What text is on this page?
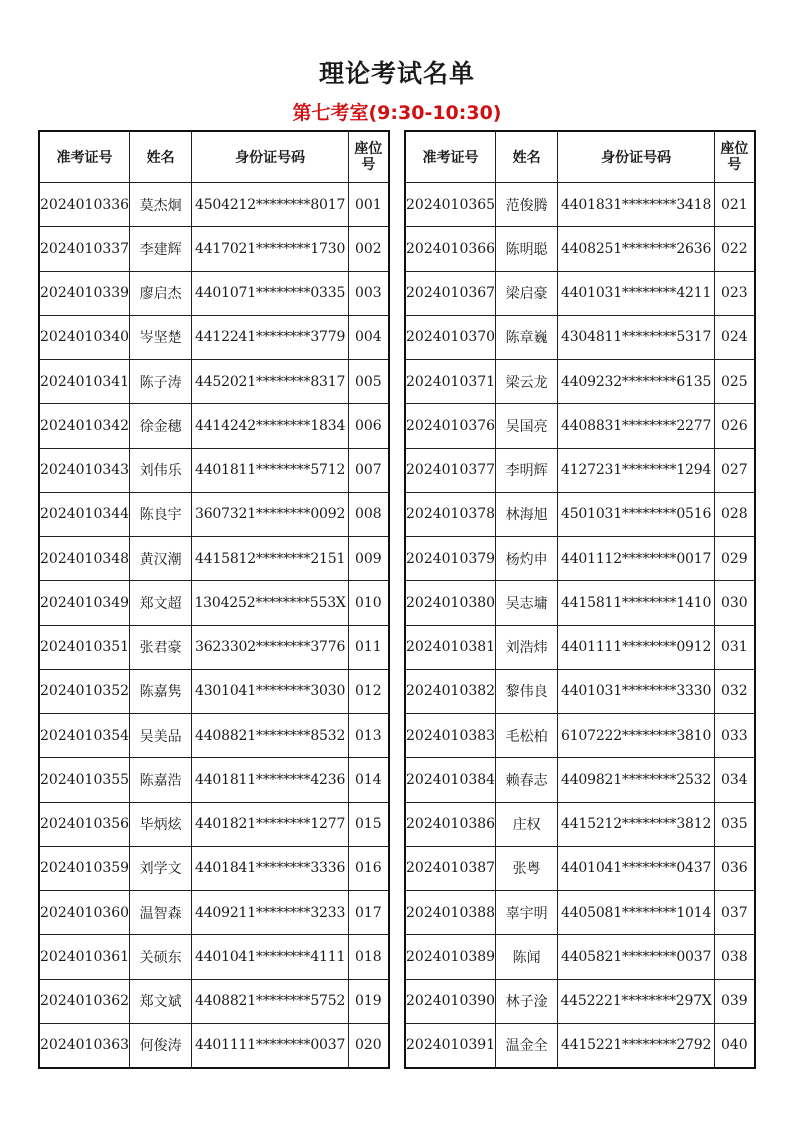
理论考试名单
第七考室(9:30-10:30)
准考证号	姓名	身份证号码	座位号
2024010336	莫杰炯	4504212********8017	001
2024010337	李建辉	4417021********1730	002
2024010339	廖启杰	4401071********0335	003
2024010340	岑坚楚	4412241********3779	004
2024010341	陈子涛	4452021********8317	005
2024010342	徐金穗	4414242********1834	006
2024010343	刘伟乐	4401811********5712	007
2024010344	陈良宇	3607321********0092	008
2024010348	黄汉潮	4415812********2151	009
2024010349	郑文超	1304252********553X	010
2024010351	张君豪	3623302********3776	011
2024010352	陈嘉隽	4301041********3030	012
2024010354	吴美品	4408821********8532	013
2024010355	陈嘉浩	4401811********4236	014
2024010356	毕炳炫	4401821********1277	015
2024010359	刘学文	4401841********3336	016
2024010360	温智森	4409211********3233	017
2024010361	关硕东	4401041********4111	018
2024010362	郑文斌	4408821********5752	019
2024010363	何俊涛	4401111********0037	020
准考证号	姓名	身份证号码	座位号
2024010365	范俊腾	4401831********3418	021
2024010366	陈明聪	4408251********2636	022
2024010367	梁启豪	4401031********4211	023
2024010370	陈章巍	4304811********5317	024
2024010371	梁云龙	4409232********6135	025
2024010376	吴国亮	4408831********2277	026
2024010377	李明辉	4127231********1294	027
2024010378	林海旭	4501031********0516	028
2024010379	杨灼申	4401112********0017	029
2024010380	吴志墉	4415811********1410	030
2024010381	刘浩炜	4401111********0912	031
2024010382	黎伟良	4401031********3330	032
2024010383	毛松柏	6107222********3810	033
2024010384	赖春志	4409821********2532	034
2024010386	庄权	4415212********3812	035
2024010387	张粤	4401041********0437	036
2024010388	辜宇明	4405081********1014	037
2024010389	陈闻	4405821********0037	038
2024010390	林子淦	4452221********297X	039
2024010391	温金全	4415221********2792	040
